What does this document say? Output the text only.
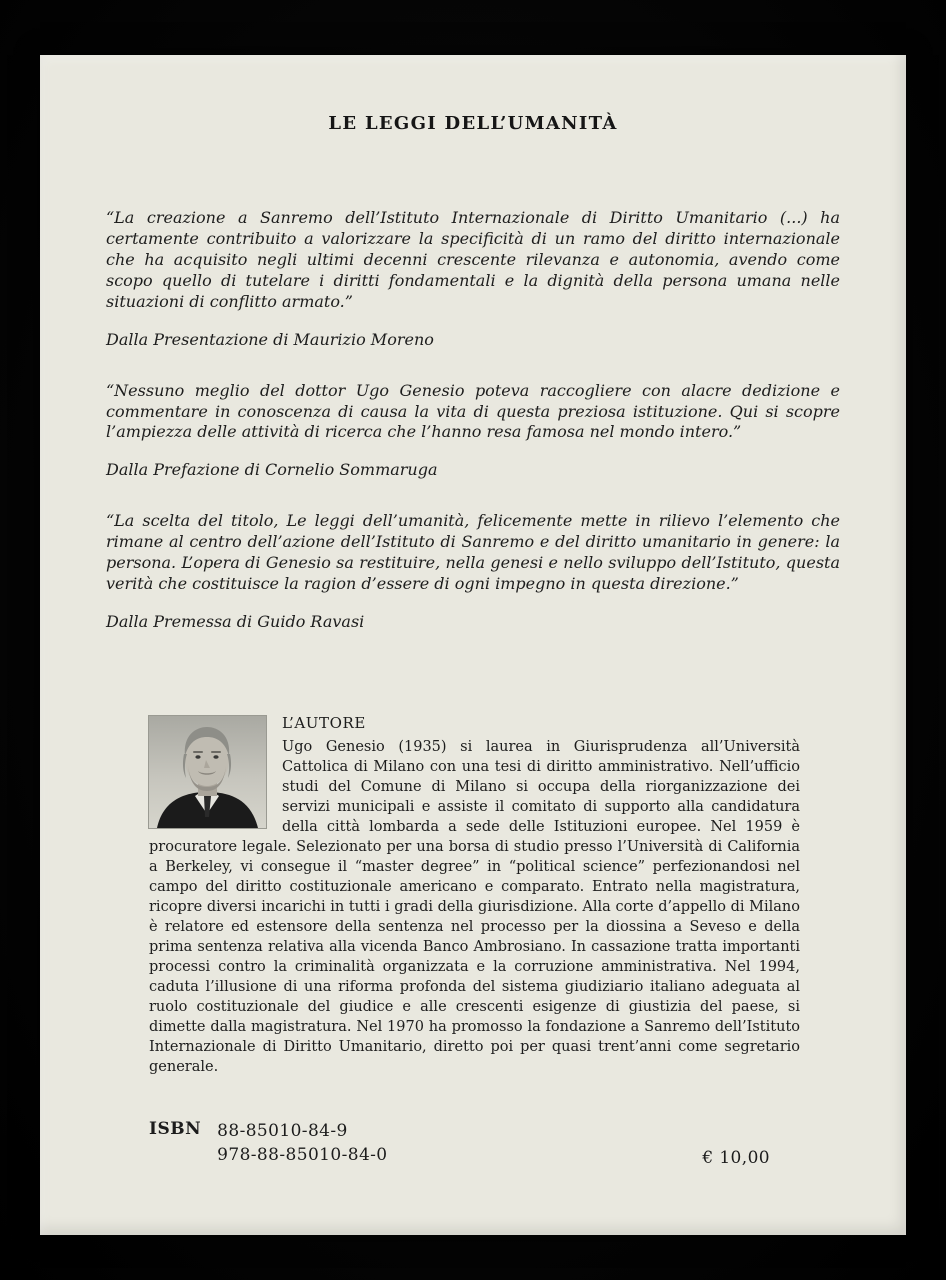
LE LEGGI DELL’UMANITÀ

“La creazione a Sanremo dell’Istituto Internazionale di Diritto Umanitario (...) ha certamente contribuito a valorizzare la specificità di un ramo del diritto internazionale che ha acquisito negli ultimi decenni crescente rilevanza e autonomia, avendo come scopo quello di tutelare i diritti fondamentali e la dignità della persona umana nelle situazioni di conflitto armato.”

Dalla Presentazione di Maurizio Moreno

“Nessuno meglio del dottor Ugo Genesio poteva raccogliere con alacre dedizione e commentare in conoscenza di causa la vita di questa preziosa istituzione. Qui si scopre l’ampiezza delle attività di ricerca che l’hanno resa famosa nel mondo intero.”

Dalla Prefazione di Cornelio Sommaruga

“La scelta del titolo, Le leggi dell’umanità, felicemente mette in rilievo l’elemento che rimane al centro dell’azione dell’Istituto di Sanremo e del diritto umanitario in genere: la persona. L’opera di Genesio sa restituire, nella genesi e nello sviluppo dell’Istituto, questa verità che costituisce la ragion d’essere di ogni impegno in questa direzione.”

Dalla Premessa di Guido Ravasi

L’AUTORE

Ugo Genesio (1935) si laurea in Giurisprudenza all’Università Cattolica di Milano con una tesi di diritto amministrativo. Nell’ufficio studi del Comune di Milano si occupa della riorganizzazione dei servizi municipali e assiste il comitato di supporto alla candidatura della città lombarda a sede delle Istituzioni europee. Nel 1959 è procuratore legale. Selezionato per una borsa di studio presso l’Università di California a Berkeley, vi consegue il “master degree” in “political science” perfezionandosi nel campo del diritto costituzionale americano e comparato. Entrato nella magistratura, ricopre diversi incarichi in tutti i gradi della giurisdizione. Alla corte d’appello di Milano è relatore ed estensore della sentenza nel processo per la diossina a Seveso e della prima sentenza relativa alla vicenda Banco Ambrosiano. In cassazione tratta importanti processi contro la criminalità organizzata e la corruzione amministrativa. Nel 1994, caduta l’illusione di una riforma profonda del sistema giudiziario italiano adeguata al ruolo costituzionale del giudice e alle crescenti esigenze di giustizia del paese, si dimette dalla magistratura. Nel 1970 ha promosso la fondazione a Sanremo dell’Istituto Internazionale di Diritto Umanitario, diretto poi per quasi trent’anni come segretario generale.

ISBN 88-85010-84-9
978-88-85010-84-0	€ 10,00
